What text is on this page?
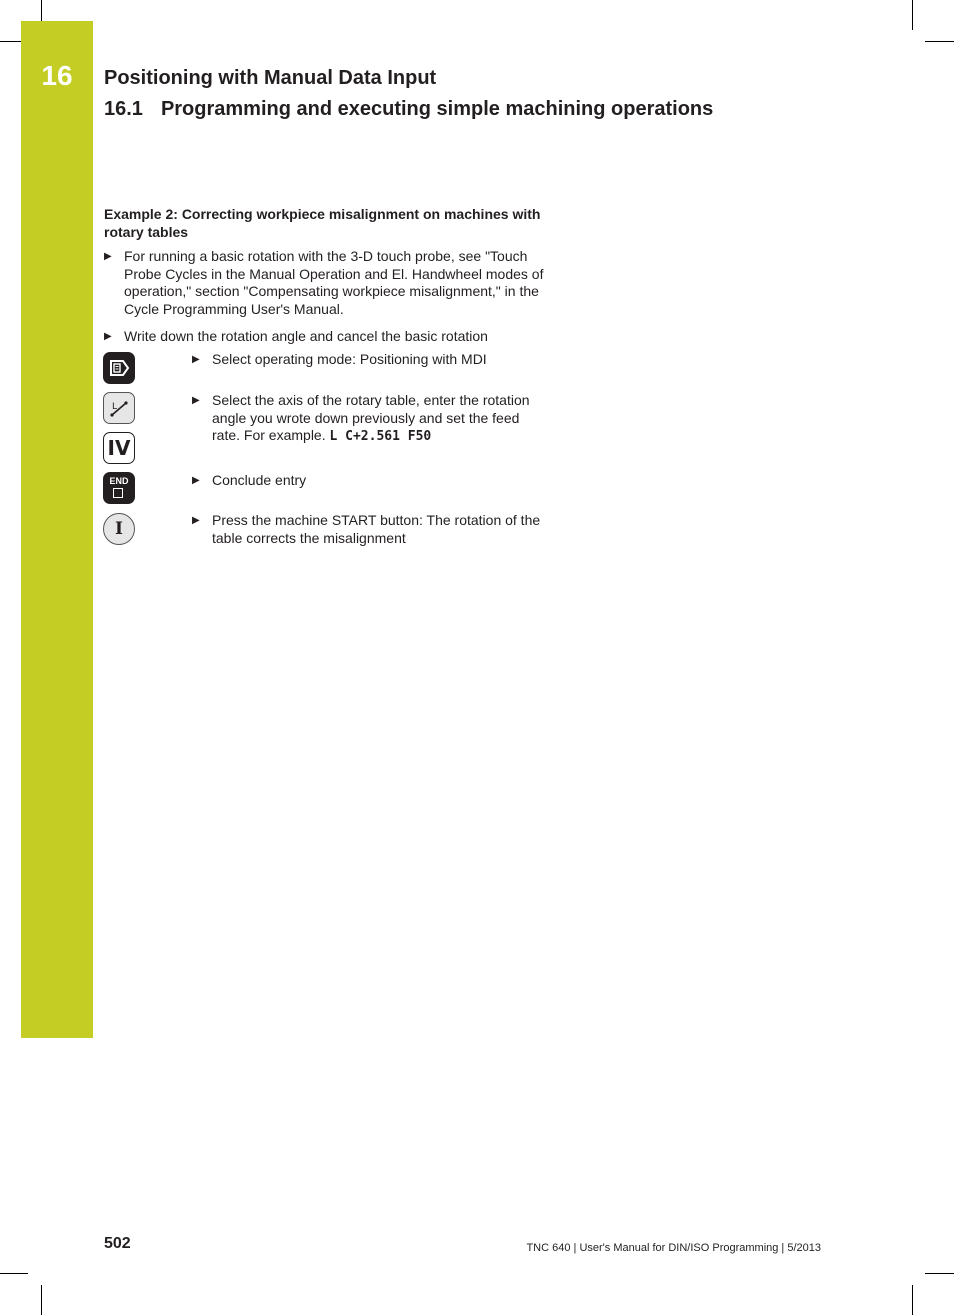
16	Positioning with Manual Data Input
16.1 Programming and executing simple machining operations
Example 2: Correcting workpiece misalignment on machines with rotary tables
▶ For running a basic rotation with the 3-D touch probe, see "Touch Probe Cycles in the Manual Operation and El. Handwheel modes of operation," section "Compensating workpiece misalignment," in the Cycle Programming User's Manual.
▶ Write down the rotation angle and cancel the basic rotation
L
IV
END
I
▶ Select operating mode: Positioning with MDI
▶ Select the axis of the rotary table, enter the rotation angle you wrote down previously and set the feed rate. For example. L C+2.561 F50
▶ Conclude entry
▶ Press the machine START button: The rotation of the table corrects the misalignment
502	TNC 640 | User's Manual for DIN/ISO Programming | 5/2013
